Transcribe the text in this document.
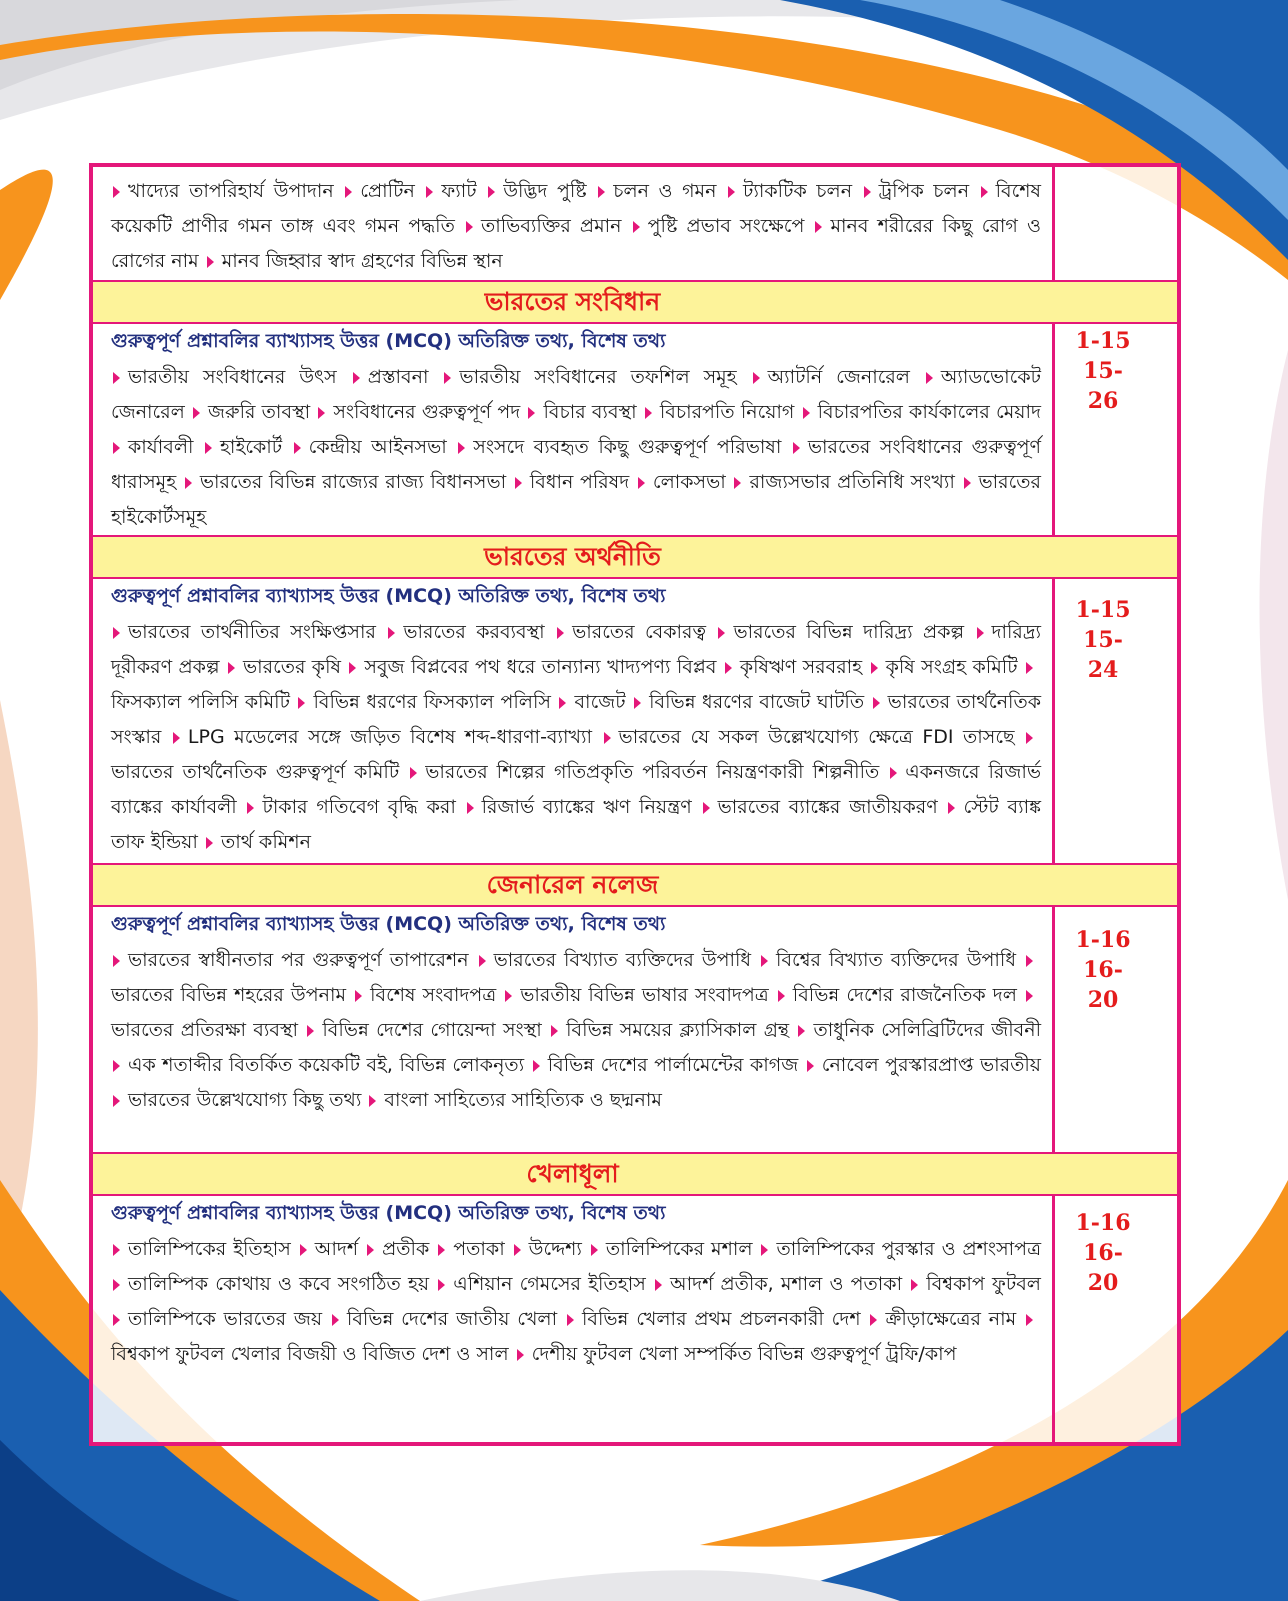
খাদ্যের তাপরিহার্য উপাদান প্রোটিন ফ্যাট উদ্ভিদ পুষ্টি চলন ও গমন ট্যাকটিক চলন ট্রপিক চলন বিশেষ কয়েকটি প্রাণীর গমন তাঙ্গ এবং গমন পদ্ধতি তাভিব্যক্তির প্রমান পুষ্টি প্রভাব সংক্ষেপে মানব শরীরের কিছু রোগ ও রোগের নাম মানব জিহ্বার স্বাদ গ্রহণের বিভিন্ন স্থান
ভারতের সংবিধান
গুরুত্বপূর্ণ প্রশ্নাবলির ব্যাখ্যাসহ উত্তর (MCQ) অতিরিক্ত তথ্য, বিশেষ তথ্য
ভারতীয় সংবিধানের উৎস প্রস্তাবনা ভারতীয় সংবিধানের তফশিল সমূহ অ্যাটর্নি জেনারেল অ্যাডভোকেট জেনারেল জরুরি তাবস্থা সংবিধানের গুরুত্বপূর্ণ পদ বিচার ব্যবস্থা বিচারপতি নিয়োগ বিচারপতির কার্যকালের মেয়াদ কার্যাবলী হাইকোর্ট কেন্দ্রীয় আইনসভা সংসদে ব্যবহৃত কিছু গুরুত্বপূর্ণ পরিভাষা ভারতের সংবিধানের গুরুত্বপূর্ণ ধারাসমূহ ভারতের বিভিন্ন রাজ্যের রাজ্য বিধানসভা বিধান পরিষদ লোকসভা রাজ্যসভার প্রতিনিধি সংখ্যা ভারতের হাইকোর্টসমূহ
1-15
15-26
ভারতের অর্থনীতি
গুরুত্বপূর্ণ প্রশ্নাবলির ব্যাখ্যাসহ উত্তর (MCQ) অতিরিক্ত তথ্য, বিশেষ তথ্য
ভারতের তার্থনীতির সংক্ষিপ্তসার ভারতের করব্যবস্থা ভারতের বেকারত্ব ভারতের বিভিন্ন দারিদ্র্য প্রকল্প দারিদ্র্য দূরীকরণ প্রকল্প ভারতের কৃষি সবুজ বিপ্লবের পথ ধরে তান্যান্য খাদ্যপণ্য বিপ্লব কৃষিঋণ সরবরাহ কৃষি সংগ্রহ কমিটি ফিসক্যাল পলিসি কমিটি বিভিন্ন ধরণের ফিসক্যাল পলিসি বাজেট বিভিন্ন ধরণের বাজেট ঘাটতি ভারতের তার্থনৈতিক সংস্কার LPG মডেলের সঙ্গে জড়িত বিশেষ শব্দ-ধারণা-ব্যাখ্যা ভারতের যে সকল উল্লেখযোগ্য ক্ষেত্রে FDI তাসছে ভারতের তার্থনৈতিক গুরুত্বপূর্ণ কমিটি ভারতের শিল্পের গতিপ্রকৃতি পরিবর্তন নিয়ন্ত্রণকারী শিল্পনীতি একনজরে রিজার্ভ ব্যাঙ্কের কার্যাবলী টাকার গতিবেগ বৃদ্ধি করা রিজার্ভ ব্যাঙ্কের ঋণ নিয়ন্ত্রণ ভারতের ব্যাঙ্কের জাতীয়করণ স্টেট ব্যাঙ্ক তাফ ইন্ডিয়া তার্থ কমিশন
1-15
15-24
জেনারেল নলেজ
গুরুত্বপূর্ণ প্রশ্নাবলির ব্যাখ্যাসহ উত্তর (MCQ) অতিরিক্ত তথ্য, বিশেষ তথ্য
ভারতের স্বাধীনতার পর গুরুত্বপূর্ণ তাপারেশন ভারতের বিখ্যাত ব্যক্তিদের উপাধি বিশ্বের বিখ্যাত ব্যক্তিদের উপাধি ভারতের বিভিন্ন শহরের উপনাম বিশেষ সংবাদপত্র ভারতীয় বিভিন্ন ভাষার সংবাদপত্র বিভিন্ন দেশের রাজনৈতিক দল ভারতের প্রতিরক্ষা ব্যবস্থা বিভিন্ন দেশের গোয়েন্দা সংস্থা বিভিন্ন সময়ের ক্ল্যাসিকাল গ্রন্থ তাধুনিক সেলিব্রিটিদের জীবনী এক শতাব্দীর বিতর্কিত কয়েকটি বই, বিভিন্ন লোকনৃত্য বিভিন্ন দেশের পার্লামেন্টের কাগজ নোবেল পুরস্কারপ্রাপ্ত ভারতীয় ভারতের উল্লেখযোগ্য কিছু তথ্য বাংলা সাহিত্যের সাহিত্যিক ও ছদ্মনাম
1-16
16-20
খেলাধূলা
গুরুত্বপূর্ণ প্রশ্নাবলির ব্যাখ্যাসহ উত্তর (MCQ) অতিরিক্ত তথ্য, বিশেষ তথ্য
তালিম্পিকের ইতিহাস আদর্শ প্রতীক পতাকা উদ্দেশ্য তালিম্পিকের মশাল তালিম্পিকের পুরস্কার ও প্রশংসাপত্র তালিম্পিক কোথায় ও কবে সংগঠিত হয় এশিয়ান গেমসের ইতিহাস আদর্শ প্রতীক, মশাল ও পতাকা বিশ্বকাপ ফুটবল তালিম্পিকে ভারতের জয় বিভিন্ন দেশের জাতীয় খেলা বিভিন্ন খেলার প্রথম প্রচলনকারী দেশ ক্রীড়াক্ষেত্রের নাম বিশ্বকাপ ফুটবল খেলার বিজয়ী ও বিজিত দেশ ও সাল দেশীয় ফুটবল খেলা সম্পর্কিত বিভিন্ন গুরুত্বপূর্ণ ট্রফি/কাপ
1-16
16-20
